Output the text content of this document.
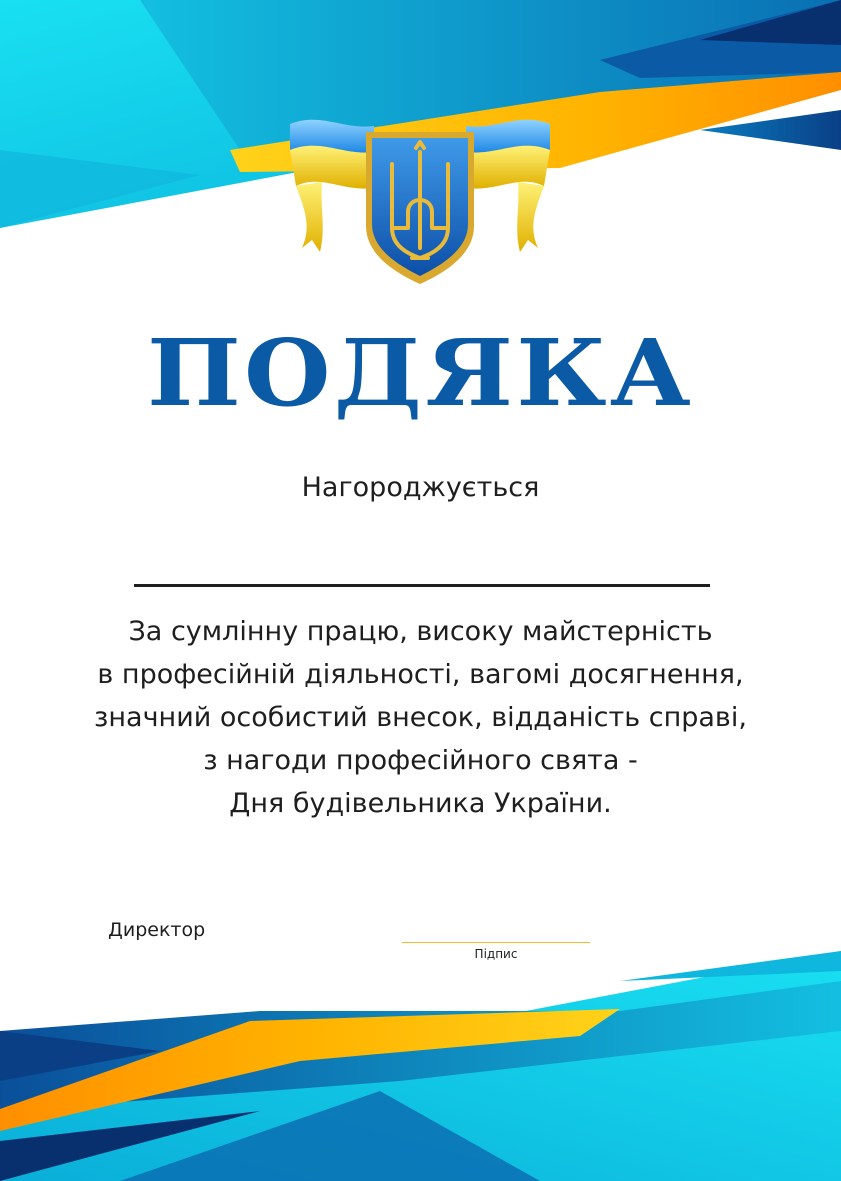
ПОДЯКА
Нагороджується
За сумлінну працю, високу майстерність
в професійній діяльності, вагомі досягнення,
значний особистий внесок, відданість справі,
з нагоди професійного свята -
Дня будівельника України.
Директор
Підпис
